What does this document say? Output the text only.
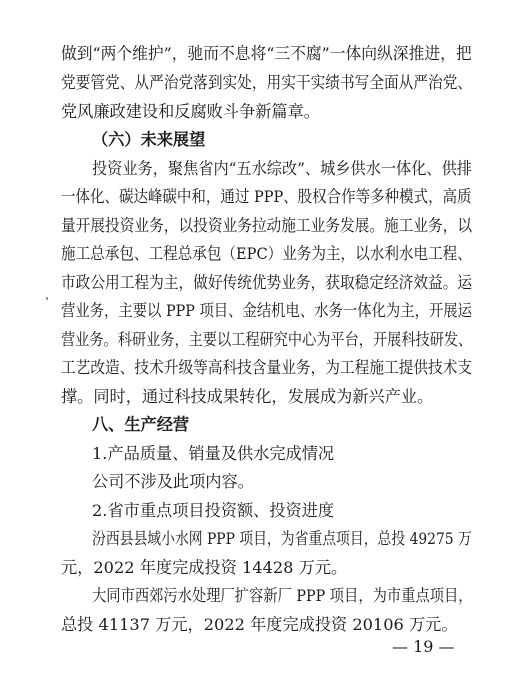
做到“两个维护”，驰而不息将“三不腐”一体向纵深推进，把
党要管党、从严治党落到实处，用实干实绩书写全面从严治党、
党风廉政建设和反腐败斗争新篇章。
（六）未来展望
投资业务，聚焦省内“五水综改”、城乡供水一体化、供排
一体化、碳达峰碳中和，通过 PPP、股权合作等多种模式，高质
量开展投资业务，以投资业务拉动施工业务发展。施工业务，以
施工总承包、工程总承包（EPC）业务为主，以水利水电工程、
市政公用工程为主，做好传统优势业务，获取稳定经济效益。运
营业务，主要以 PPP 项目、金结机电、水务一体化为主，开展运
营业务。科研业务，主要以工程研究中心为平台，开展科技研发、
工艺改造、技术升级等高科技含量业务，为工程施工提供技术支
撑。同时，通过科技成果转化，发展成为新兴产业。
八、生产经营
1.产品质量、销量及供水完成情况
公司不涉及此项内容。
2.省市重点项目投资额、投资进度
汾西县县域小水网 PPP 项目，为省重点项目，总投 49275 万
元，2022 年度完成投资 14428 万元。
大同市西郊污水处理厂扩容新厂 PPP 项目，为市重点项目，
总投 41137 万元，2022 年度完成投资 20106 万元。
— 19 —
